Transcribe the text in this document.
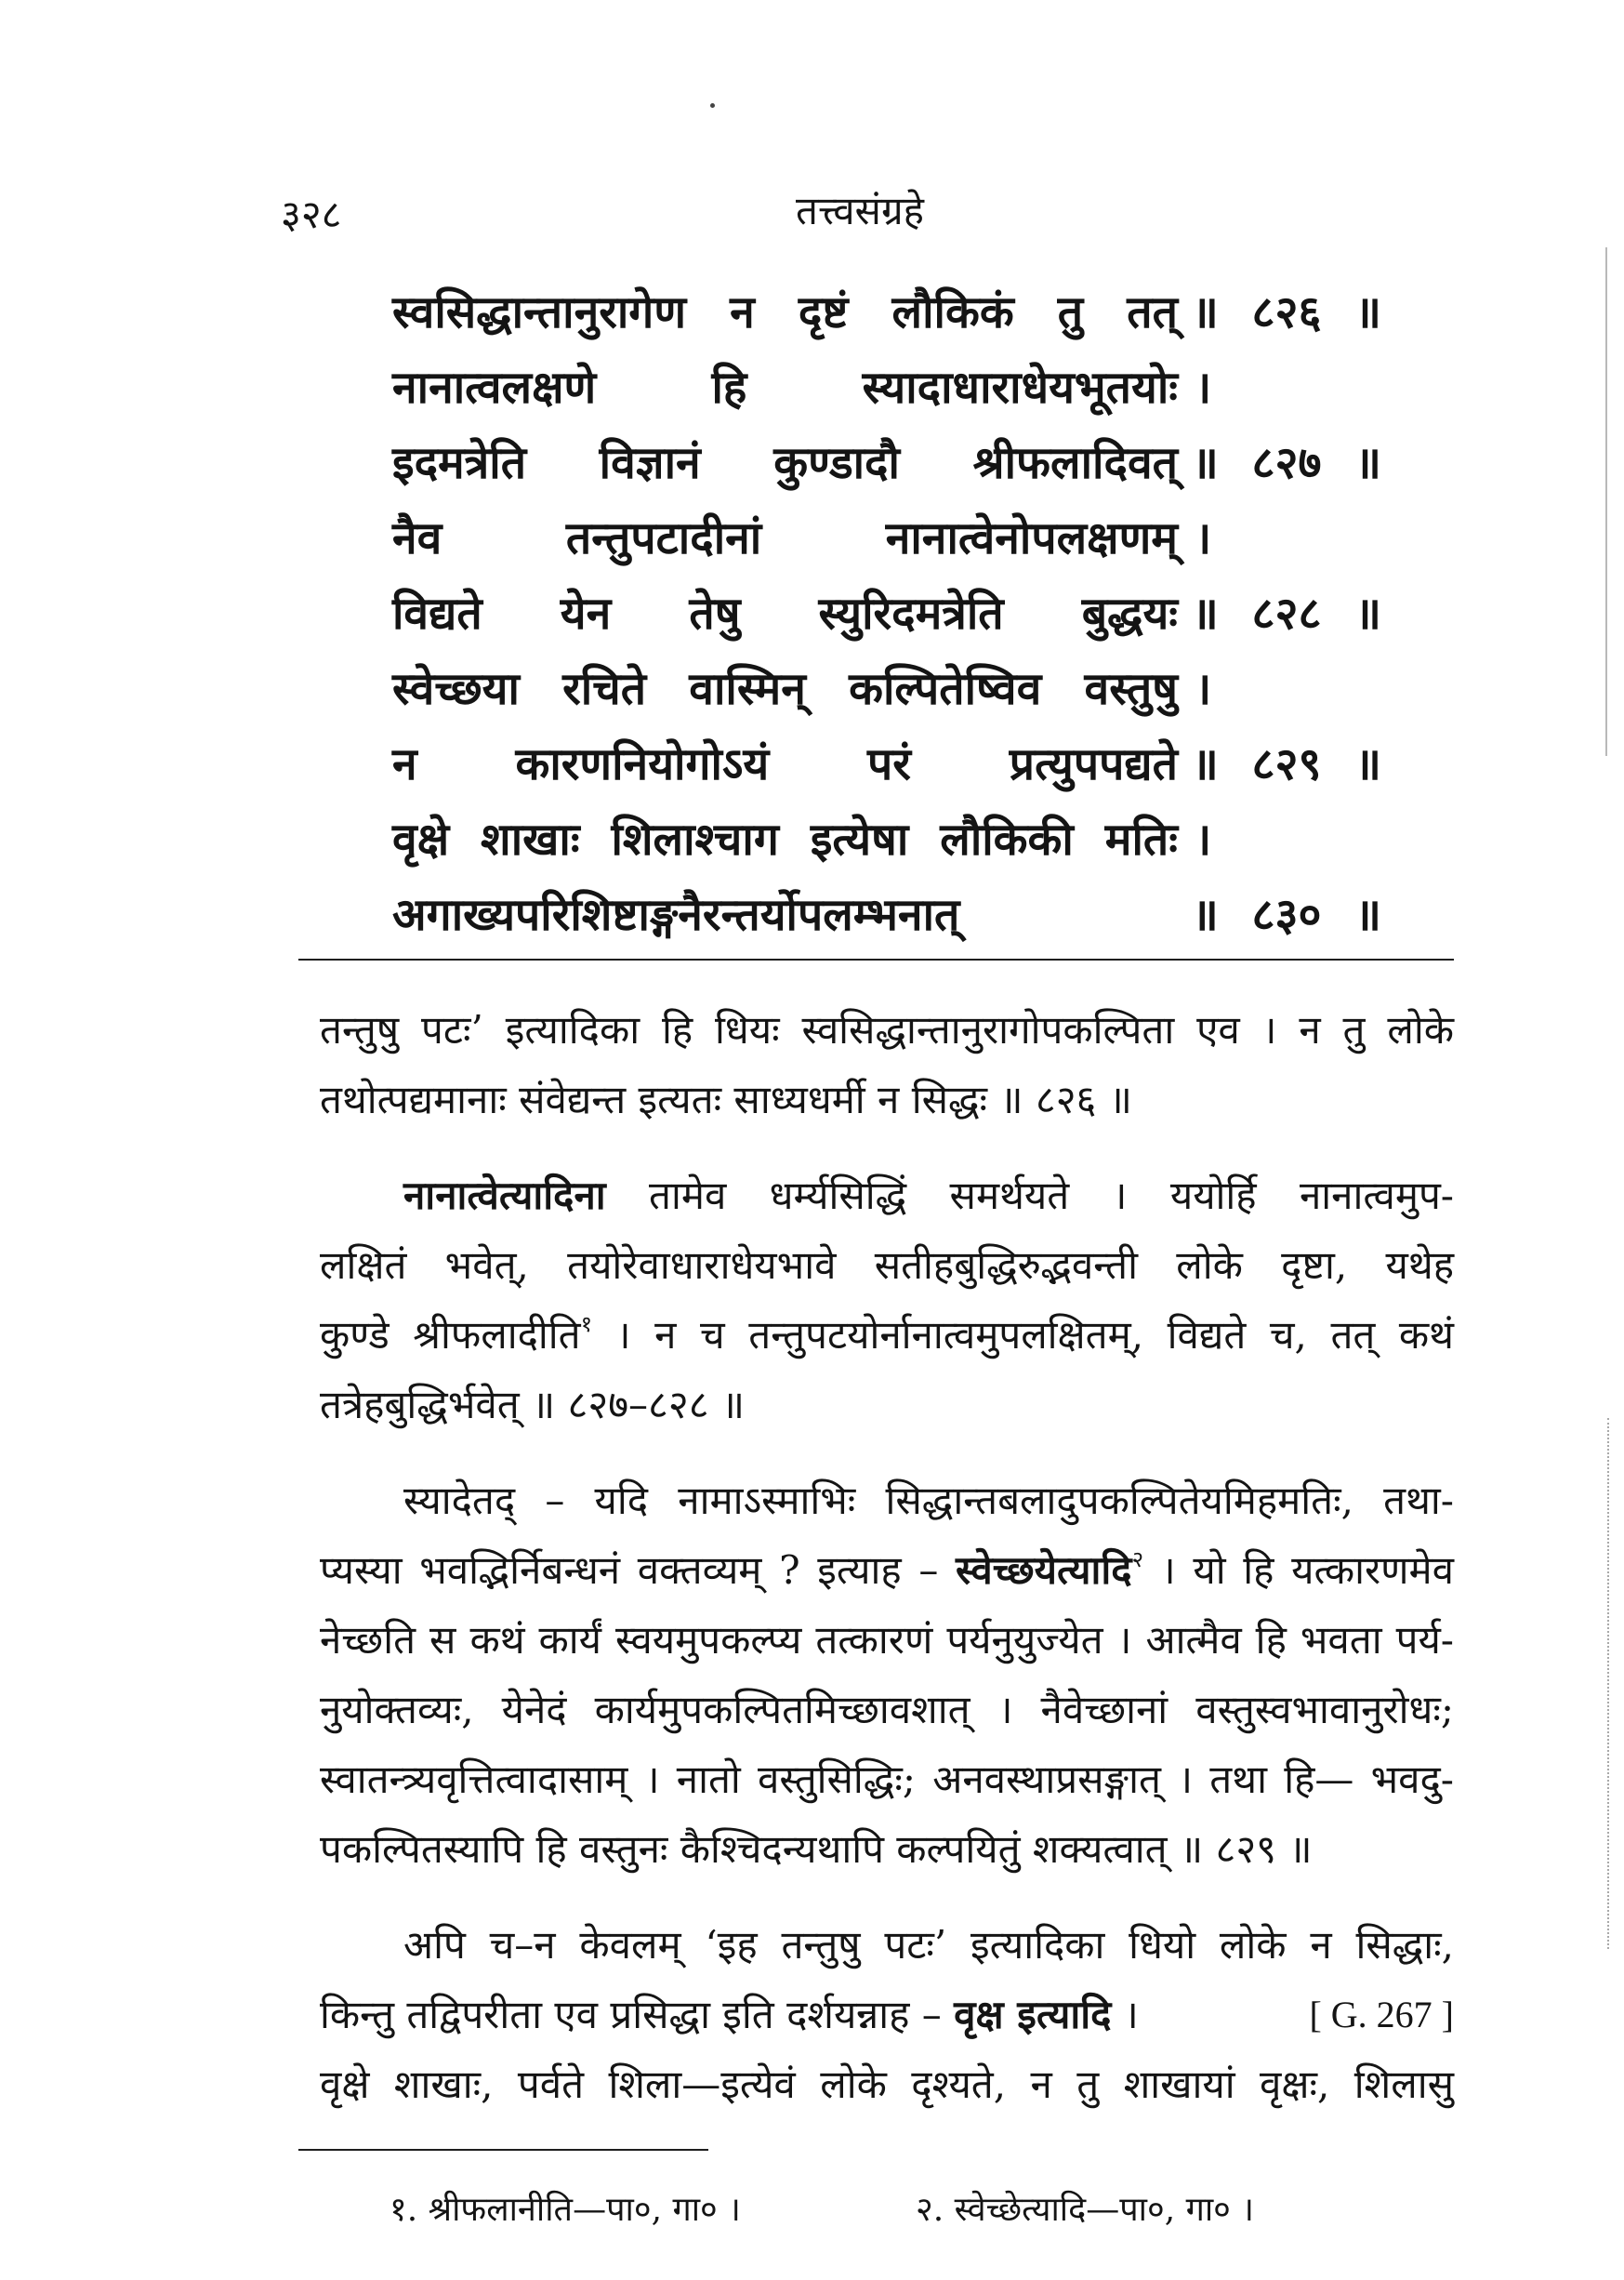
३२८	तत्त्वसंग्रहे
स्वसिद्धान्तानुरागेण न दृष्टं लौकिकं तु तत् ॥ ८२६ ॥
नानात्वलक्षणे हि स्यादाधाराधेयभूतयोः ।
इदमत्रेति विज्ञानं कुण्डादौ श्रीफलादिवत् ॥ ८२७ ॥
नैव तन्तुपटादीनां नानात्वेनोपलक्षणम् ।
विद्यते येन तेषु स्युरिदमत्रेति बुद्धयः ॥ ८२८ ॥
स्वेच्छया रचिते वास्मिन् कल्पितेष्विव वस्तुषु ।
न कारणनियोगोऽयं परं प्रत्युपपद्यते ॥ ८२९ ॥
वृक्षे शाखाः शिलाश्चाग इत्येषा लौकिकी मतिः ।
अगाख्यपरिशिष्टाङ्गनैरन्तर्योपलम्भनात्	॥ ८३० ॥
तन्तुषु पटः’ इत्यादिका हि धियः स्वसिद्धान्तानुरागोपकल्पिता एव । न तु लोके
तथोत्पद्यमानाः संवेद्यन्त इत्यतः साध्यधर्मी न सिद्धः ॥ ८२६ ॥
नानात्वेत्यादिना तामेव धर्म्यसिद्धिं समर्थयते । ययोर्हि नानात्वमुप-
लक्षितं भवेत्, तयोरेवाधाराधेयभावे सतीहबुद्धिरुद्भवन्ती लोके दृष्टा, यथेह
कुण्डे श्रीफलादीति$^१$ । न च तन्तुपटयोर्नानात्वमुपलक्षितम्, विद्यते च, तत् कथं
तत्रेहबुद्धिर्भवेत् ॥ ८२७–८२८ ॥
स्यादेतद् – यदि नामाऽस्माभिः सिद्धान्तबलादुपकल्पितेयमिहमतिः, तथा-
प्यस्या भवद्भिर्निबन्धनं वक्तव्यम् ? इत्याह – स्वेच्छयेत्यादि$^२$ । यो हि यत्कारणमेव
नेच्छति स कथं कार्यं स्वयमुपकल्प्य तत्कारणं पर्यनुयुज्येत । आत्मैव हि भवता पर्य-
नुयोक्तव्यः, येनेदं कार्यमुपकल्पितमिच्छावशात् । नैवेच्छानां वस्तुस्वभावानुरोधः;
स्वातन्त्र्यवृत्तित्वादासाम् । नातो वस्तुसिद्धिः; अनवस्थाप्रसङ्गात् । तथा हि— भवदु-
पकल्पितस्यापि हि वस्तुनः कैश्चिदन्यथापि कल्पयितुं शक्यत्वात् ॥ ८२९ ॥
अपि च–न केवलम् ‘इह तन्तुषु पटः’ इत्यादिका धियो लोके न सिद्धाः,
[ G. 267 ]
किन्तु तद्विपरीता एव प्रसिद्धा इति दर्शयन्नाह – वृक्ष इत्यादि ।
वृक्षे शाखाः, पर्वते शिला—इत्येवं लोके दृश्यते, न तु शाखायां वृक्षः, शिलासु
१. श्रीफलानीति—पा०, गा० ।	२. स्वेच्छेत्यादि—पा०, गा० ।
